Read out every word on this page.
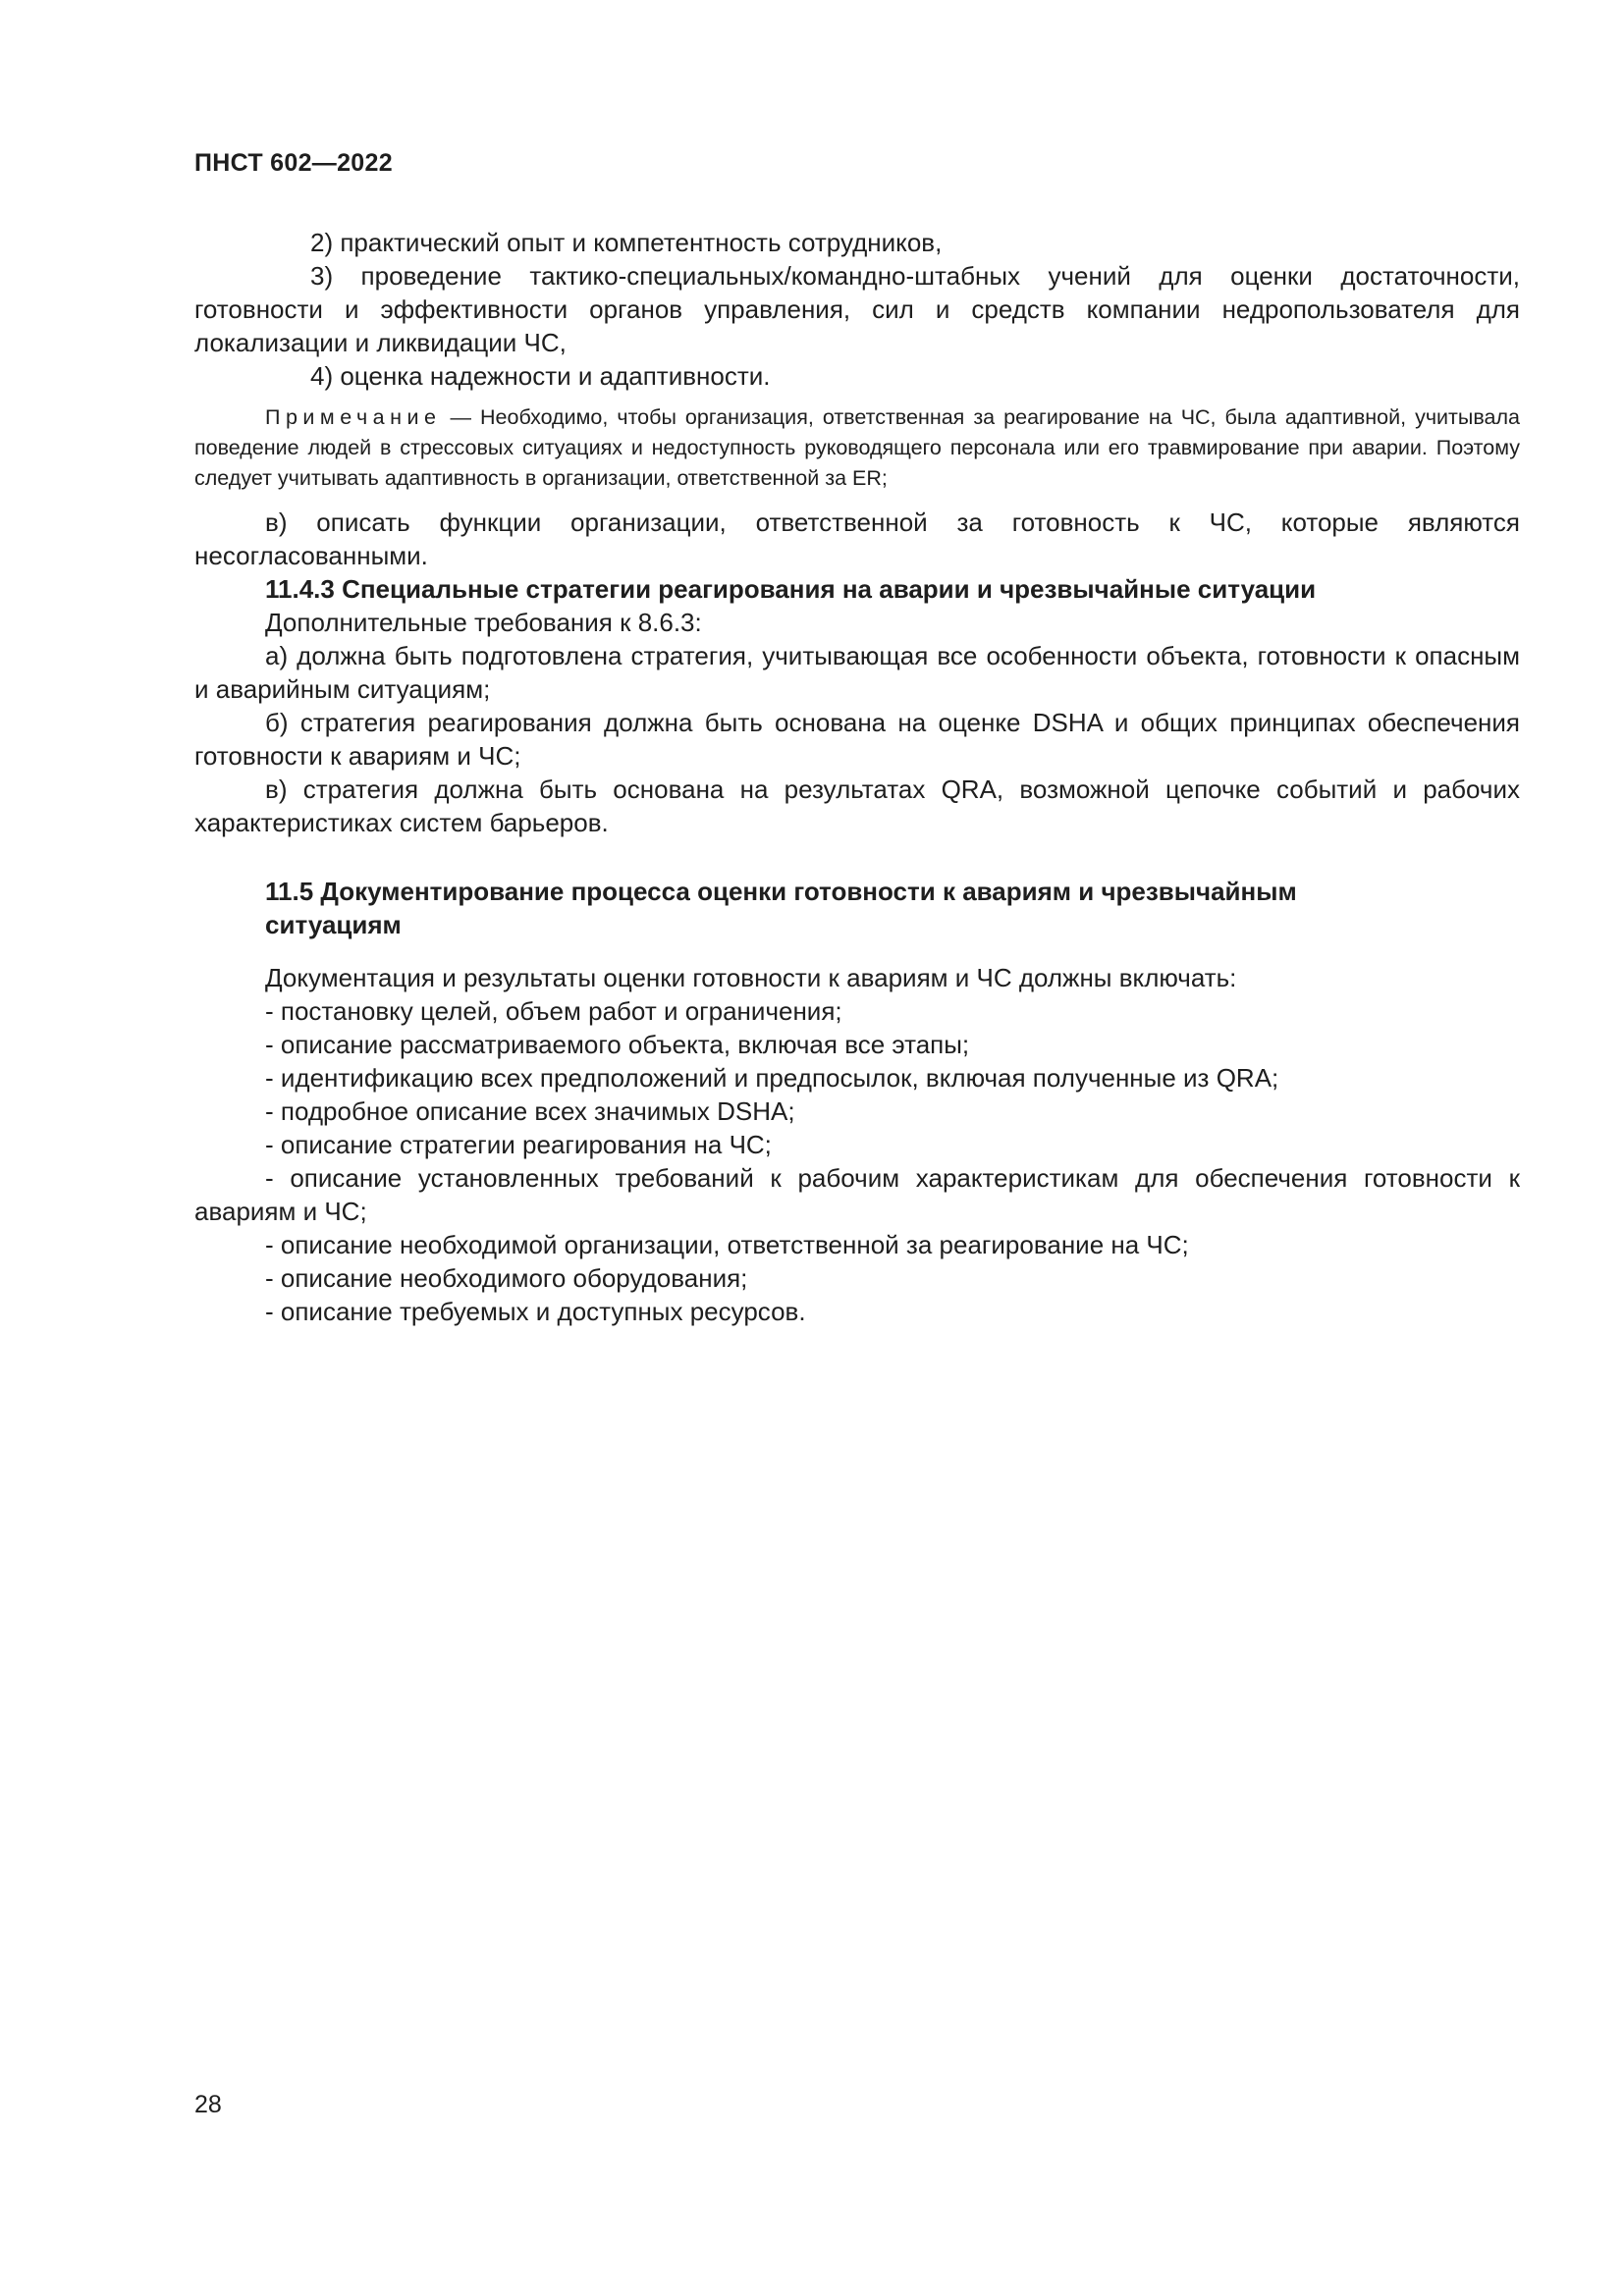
ПНСТ 602—2022

2) практический опыт и компетентность сотрудников,

3) проведение тактико-специальных/командно-штабных учений для оценки достаточности, готовности и эффективности органов управления, сил и средств компании недропользователя для локализации и ликвидации ЧС,

4) оценка надежности и адаптивности.

Примечание — Необходимо, чтобы организация, ответственная за реагирование на ЧС, была адаптивной, учитывала поведение людей в стрессовых ситуациях и недоступность руководящего персонала или его травмирование при аварии. Поэтому следует учитывать адаптивность в организации, ответственной за ER;

в) описать функции организации, ответственной за готовность к ЧС, которые являются несогласованными.

11.4.3 Специальные стратегии реагирования на аварии и чрезвычайные ситуации

Дополнительные требования к 8.6.3:

а) должна быть подготовлена стратегия, учитывающая все особенности объекта, готовности к опасным и аварийным ситуациям;

б) стратегия реагирования должна быть основана на оценке DSHA и общих принципах обеспечения готовности к авариям и ЧС;

в) стратегия должна быть основана на результатах QRA, возможной цепочке событий и рабочих характеристиках систем барьеров.

11.5 Документирование процесса оценки готовности к авариям и чрезвычайным
ситуациям

Документация и результаты оценки готовности к авариям и ЧС должны включать:

- постановку целей, объем работ и ограничения;

- описание рассматриваемого объекта, включая все этапы;

- идентификацию всех предположений и предпосылок, включая полученные из QRA;

- подробное описание всех значимых DSHA;

- описание стратегии реагирования на ЧС;

- описание установленных требований к рабочим характеристикам для обеспечения готовности к авариям и ЧС;

- описание необходимой организации, ответственной за реагирование на ЧС;

- описание необходимого оборудования;

- описание требуемых и доступных ресурсов.

28
